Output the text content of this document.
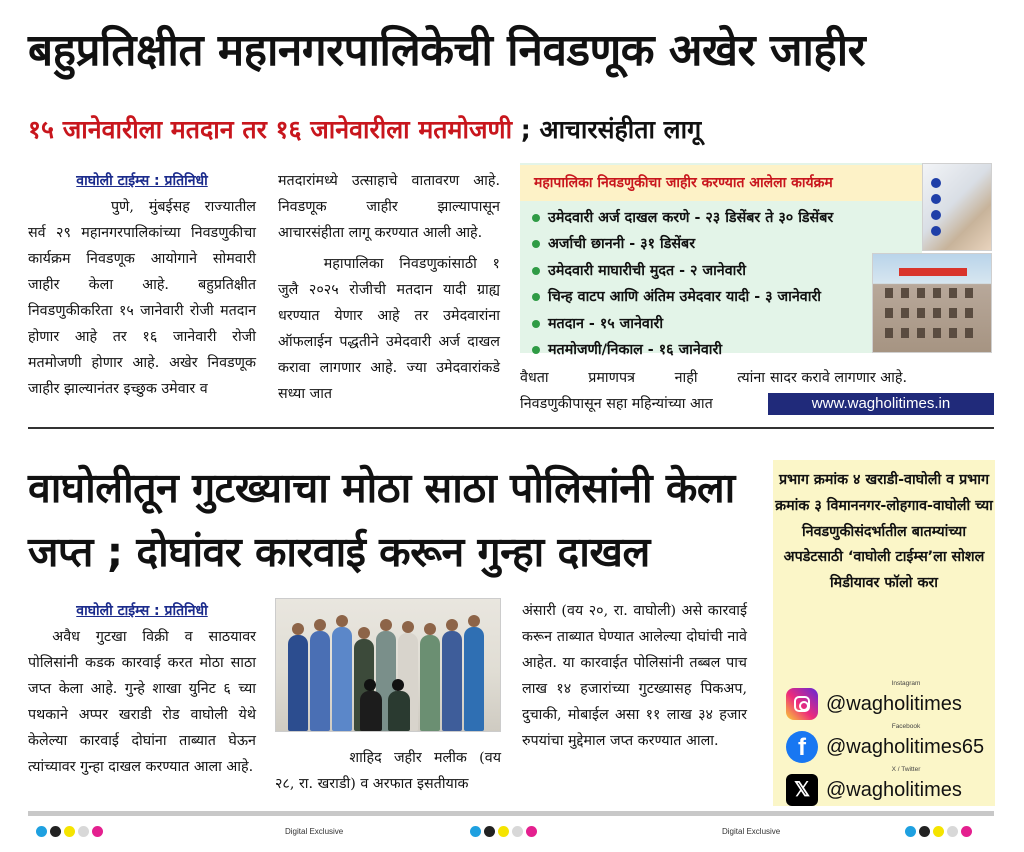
बहुप्रतिक्षीत महानगरपालिकेची निवडणूक अखेर जाहीर
१५ जानेवारीला मतदान तर १६ जानेवारीला मतमोजणी ; आचारसंहीता लागू
वाघोली टाईम्स : प्रतिनिधी

पुणे, मुंबईसह राज्यातील सर्व २९ महानगरपालिकांच्या निवडणुकीचा कार्यक्रम निवडणूक आयोगाने सोमवारी जाहीर केला आहे. बहुप्रतिक्षीत निवडणुकीकरिता १५ जानेवारी रोजी मतदान होणार आहे तर १६ जानेवारी रोजी मतमोजणी होणार आहे. अखेर निवडणूक जाहीर झाल्यानंतर इच्छुक उमेवार व

मतदारांमध्ये उत्साहाचे वातावरण आहे. निवडणूक जाहीर झाल्यापासून आचारसंहीता लागू करण्यात आली आहे.

महापालिका निवडणुकांसाठी १ जुलै २०२५ रोजीची मतदान यादी ग्राह्य धरण्यात येणार आहे तर उमेदवारांना ऑफलाईन पद्धतीने उमेदवारी अर्ज दाखल करावा लागणार आहे. ज्या उमेदवारांकडे सध्या जात

महापालिका निवडणुकीचा जाहीर करण्यात आलेला कार्यक्रम
उमेदवारी अर्ज दाखल करणे - २३ डिसेंबर ते ३० डिसेंबर
अर्जाची छाननी - ३१ डिसेंबर
उमेदवारी माघारीची मुदत - २ जानेवारी
चिन्ह वाटप आणि अंतिम उमेदवार यादी - ३ जानेवारी
मतदान - १५ जानेवारी
मतमोजणी/निकाल - १६ जानेवारी
वैधता प्रमाणपत्र नाही त्यांना
निवडणुकीपासून सहा महिन्यांच्या आत
सादर करावे लागणार आहे.
www.wagholitimes.in
वाघोलीतून गुटख्याचा मोठा साठा पोलिसांनी केला जप्त ; दोघांवर कारवाई करून गुन्हा दाखल
वाघोली टाईम्स : प्रतिनिधी

अवैध गुटखा विक्री व साठयावर पोलिसांनी कडक कारवाई करत मोठा साठा जप्त केला आहे. गुन्हे शाखा युनिट ६ च्या पथकाने अप्पर खराडी रोड वाघोली येथे केलेल्या कारवाई दोघांना ताब्यात घेऊन त्यांच्यावर गुन्हा दाखल करण्यात आला आहे.

शाहिद जहीर मलीक (वय २८, रा. खराडी) व अरफात इसतीयाक

अंसारी (वय २०, रा. वाघोली) असे कारवाई करून ताब्यात घेण्यात आलेल्या दोघांची नावे आहेत. या कारवाईत पोलिसांनी तब्बल पाच लाख १४ हजारांच्या गुटख्यासह पिकअप, दुचाकी, मोबाईल असा ११ लाख ३४ हजार रुपयांचा मुद्देमाल जप्त करण्यात आला.

प्रभाग क्रमांक ४ खराडी-वाघोली व प्रभाग क्रमांक ३ विमाननगर-लोहगाव-वाघोली च्या निवडणुकीसंदर्भातील बातम्यांच्या अपडेटसाठी ‘वाघोली टाईम्स’ला सोशल मिडीयावर फॉलो करा
Instagram
@wagholitimes
f
Facebook
@wagholitimes65
𝕏
X / Twitter
@wagholitimes
Digital Exclusive	Digital Exclusive
